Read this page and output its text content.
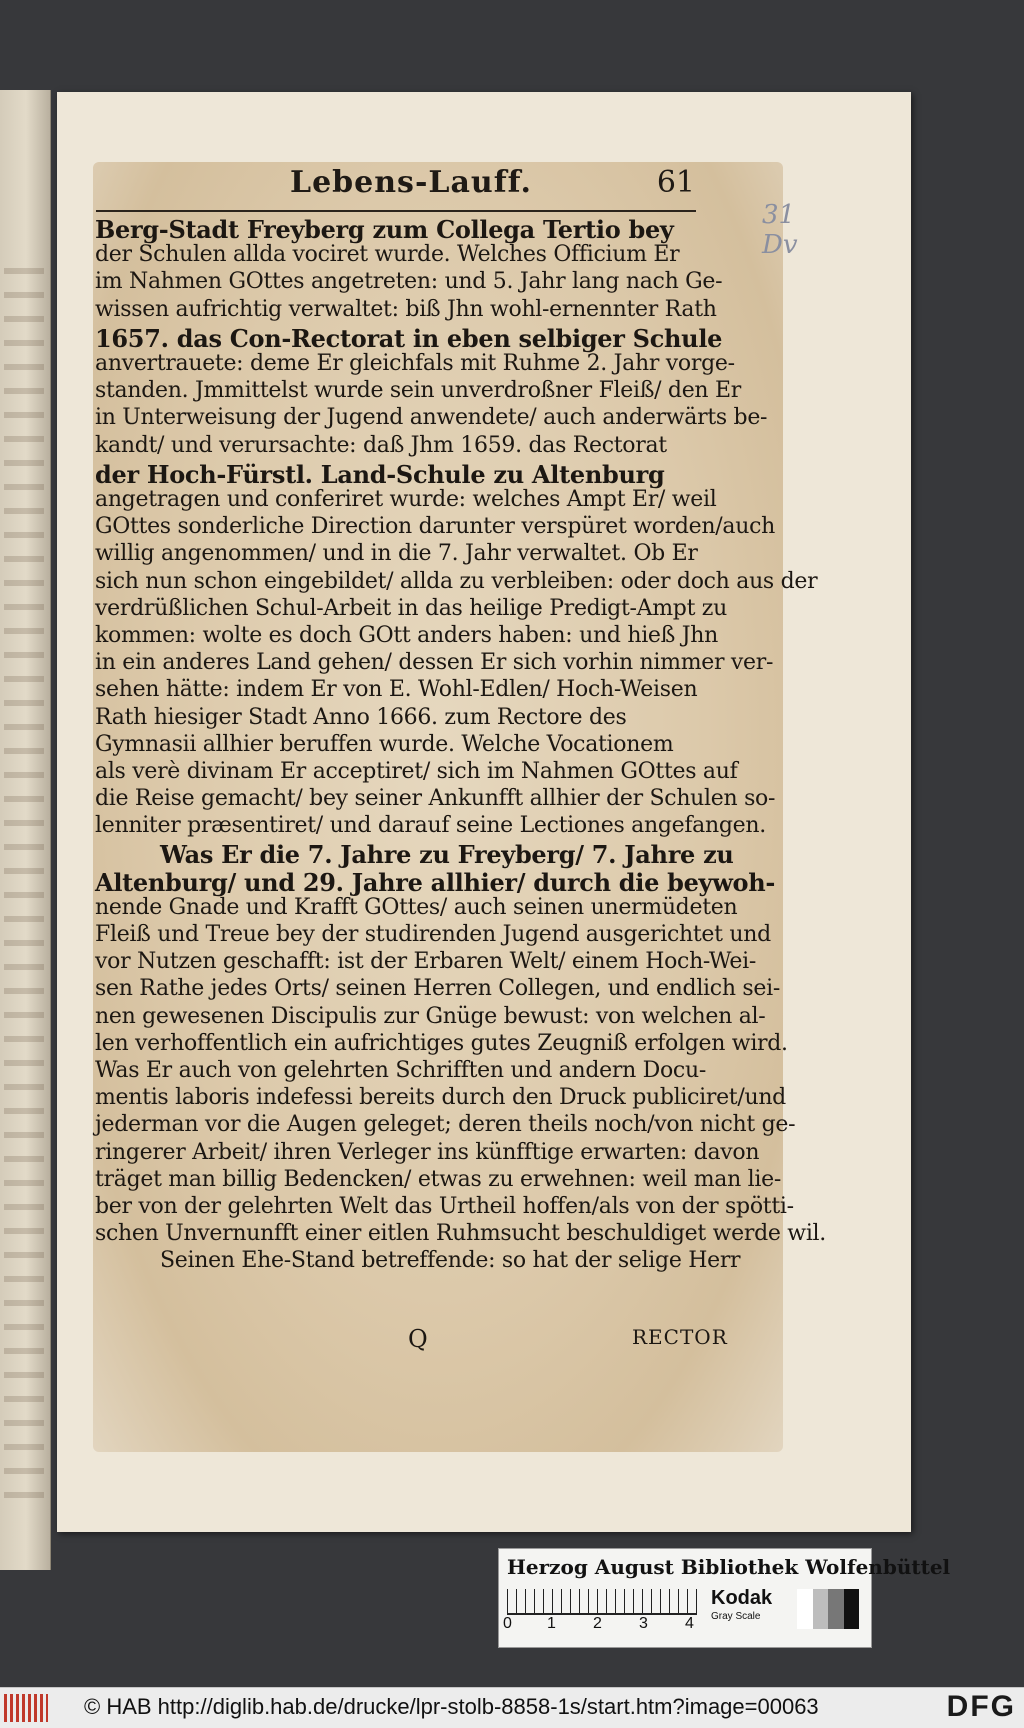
Lebens-Lauff.	61
Berg-Stadt Freyberg zum Collega Tertio bey
der Schulen allda vociret wurde. Welches Officium Er
im Nahmen GOttes angetreten: und 5. Jahr lang nach Ge-
wissen aufrichtig verwaltet: biß Jhn wohl-ernennter Rath
1657. das Con-Rectorat in eben selbiger Schule
anvertrauete: deme Er gleichfals mit Ruhme 2. Jahr vorge-
standen. Jmmittelst wurde sein unverdroßner Fleiß/ den Er
in Unterweisung der Jugend anwendete/ auch anderwärts be-
kandt/ und verursachte: daß Jhm 1659. das Rectorat
der Hoch-Fürstl. Land-Schule zu Altenburg
angetragen und conferiret wurde: welches Ampt Er/ weil
GOttes sonderliche Direction darunter verspüret worden/auch
willig angenommen/ und in die 7. Jahr verwaltet. Ob Er
sich nun schon eingebildet/ allda zu verbleiben: oder doch aus der
verdrüßlichen Schul-Arbeit in das heilige Predigt-Ampt zu
kommen: wolte es doch GOtt anders haben: und hieß Jhn
in ein anderes Land gehen/ dessen Er sich vorhin nimmer ver-
sehen hätte: indem Er von E. Wohl-Edlen/ Hoch-Weisen
Rath hiesiger Stadt Anno 1666. zum Rectore des
Gymnasii allhier beruffen wurde. Welche Vocationem
als verè divinam Er acceptiret/ sich im Nahmen GOttes auf
die Reise gemacht/ bey seiner Ankunfft allhier der Schulen so-
lenniter præsentiret/ und darauf seine Lectiones angefangen.
Was Er die 7. Jahre zu Freyberg/ 7. Jahre zu
Altenburg/ und 29. Jahre allhier/ durch die beywoh-
nende Gnade und Krafft GOttes/ auch seinen unermüdeten
Fleiß und Treue bey der studirenden Jugend ausgerichtet und
vor Nutzen geschafft: ist der Erbaren Welt/ einem Hoch-Wei-
sen Rathe jedes Orts/ seinen Herren Collegen, und endlich sei-
nen gewesenen Discipulis zur Gnüge bewust: von welchen al-
len verhoffentlich ein aufrichtiges gutes Zeugniß erfolgen wird.
Was Er auch von gelehrten Schrifften und andern Docu-
mentis laboris indefessi bereits durch den Druck publiciret/und
jederman vor die Augen geleget; deren theils noch/von nicht ge-
ringerer Arbeit/ ihren Verleger ins künfftige erwarten: davon
träget man billig Bedencken/ etwas zu erwehnen: weil man lie-
ber von der gelehrten Welt das Urtheil hoffen/als von der spötti-
schen Unvernunfft einer eitlen Ruhmsucht beschuldiget werde wil.
Seinen Ehe-Stand betreffende: so hat der selige Herr
Q	RECTOR
31
Dv
Herzog August Bibliothek Wolfenbüttel
0 1 2 3 4
Kodak
Gray Scale
© HAB http://diglib.hab.de/drucke/lpr-stolb-8858-1s/start.htm?image=00063	DFG
